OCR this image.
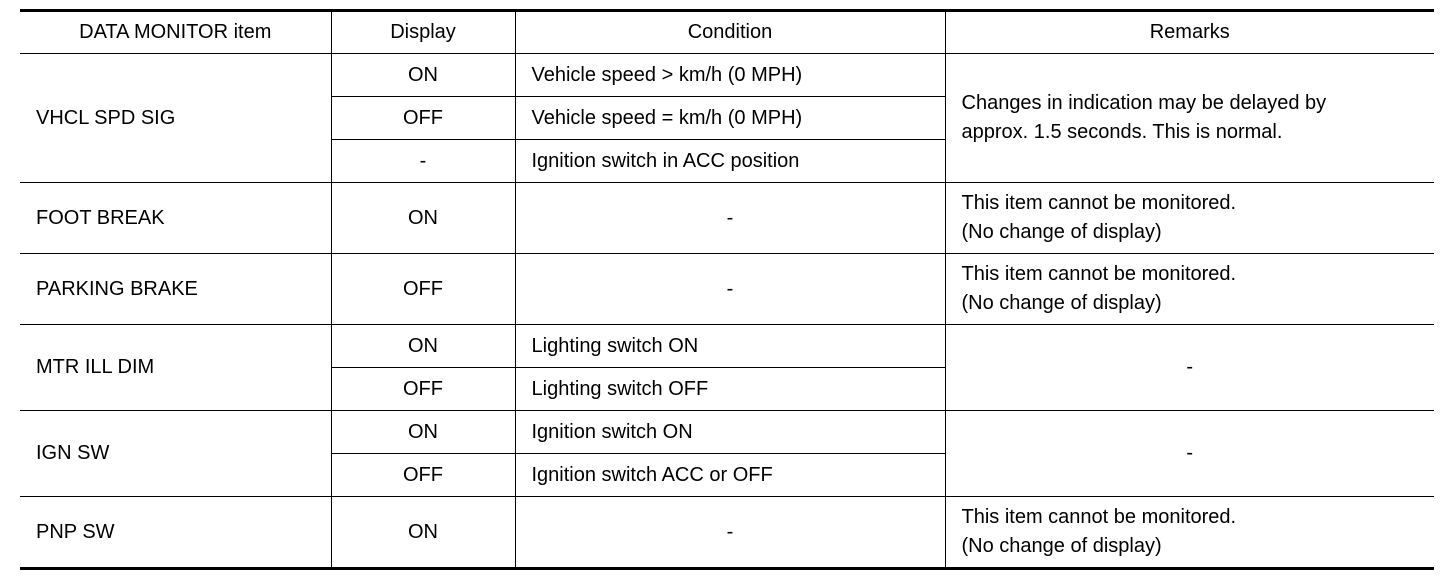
DATA MONITOR item	Display	Condition	Remarks
VHCL SPD SIG	ON	Vehicle speed > km/h (0 MPH)	Changes in indication may be delayed by
approx. 1.5 seconds. This is normal.

	OFF	Vehicle speed = km/h (0 MPH)	
	-	Ignition switch in ACC position	
FOOT BREAK	ON	-	This item cannot be monitored.
(No change of display)

PARKING BRAKE	OFF	-	This item cannot be monitored.
(No change of display)

MTR ILL DIM	ON	Lighting switch ON	-
	OFF	Lighting switch OFF	
IGN SW	ON	Ignition switch ON	-
	OFF	Ignition switch ACC or OFF	
PNP SW	ON	-	This item cannot be monitored.
(No change of display)
